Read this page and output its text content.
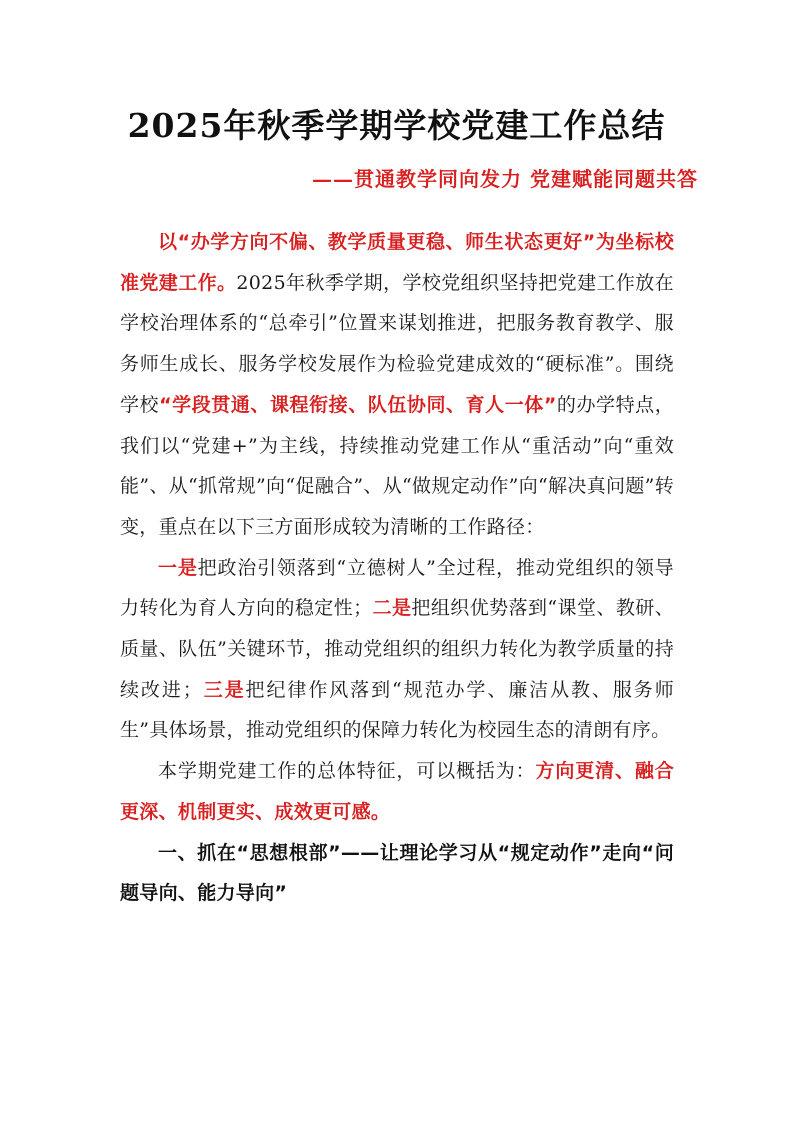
2025年秋季学期学校党建工作总结
——贯通教学同向发力 党建赋能同题共答

以“办学方向不偏、教学质量更稳、师生状态更好”为坐标校准党建工作。2025年秋季学期，学校党组织坚持把党建工作放在学校治理体系的“总牵引”位置来谋划推进，把服务教育教学、服务师生成长、服务学校发展作为检验党建成效的“硬标准”。围绕学校“学段贯通、课程衔接、队伍协同、育人一体”的办学特点，我们以“党建+”为主线，持续推动党建工作从“重活动”向“重效能”、从“抓常规”向“促融合”、从“做规定动作”向“解决真问题”转变，重点在以下三方面形成较为清晰的工作路径：

一是把政治引领落到“立德树人”全过程，推动党组织的领导力转化为育人方向的稳定性；二是把组织优势落到“课堂、教研、质量、队伍”关键环节，推动党组织的组织力转化为教学质量的持续改进；三是把纪律作风落到“规范办学、廉洁从教、服务师生”具体场景，推动党组织的保障力转化为校园生态的清朗有序。

本学期党建工作的总体特征，可以概括为：方向更清、融合更深、机制更实、成效更可感。

一、抓在“思想根部”——让理论学习从“规定动作”走向“问题导向、能力导向”
